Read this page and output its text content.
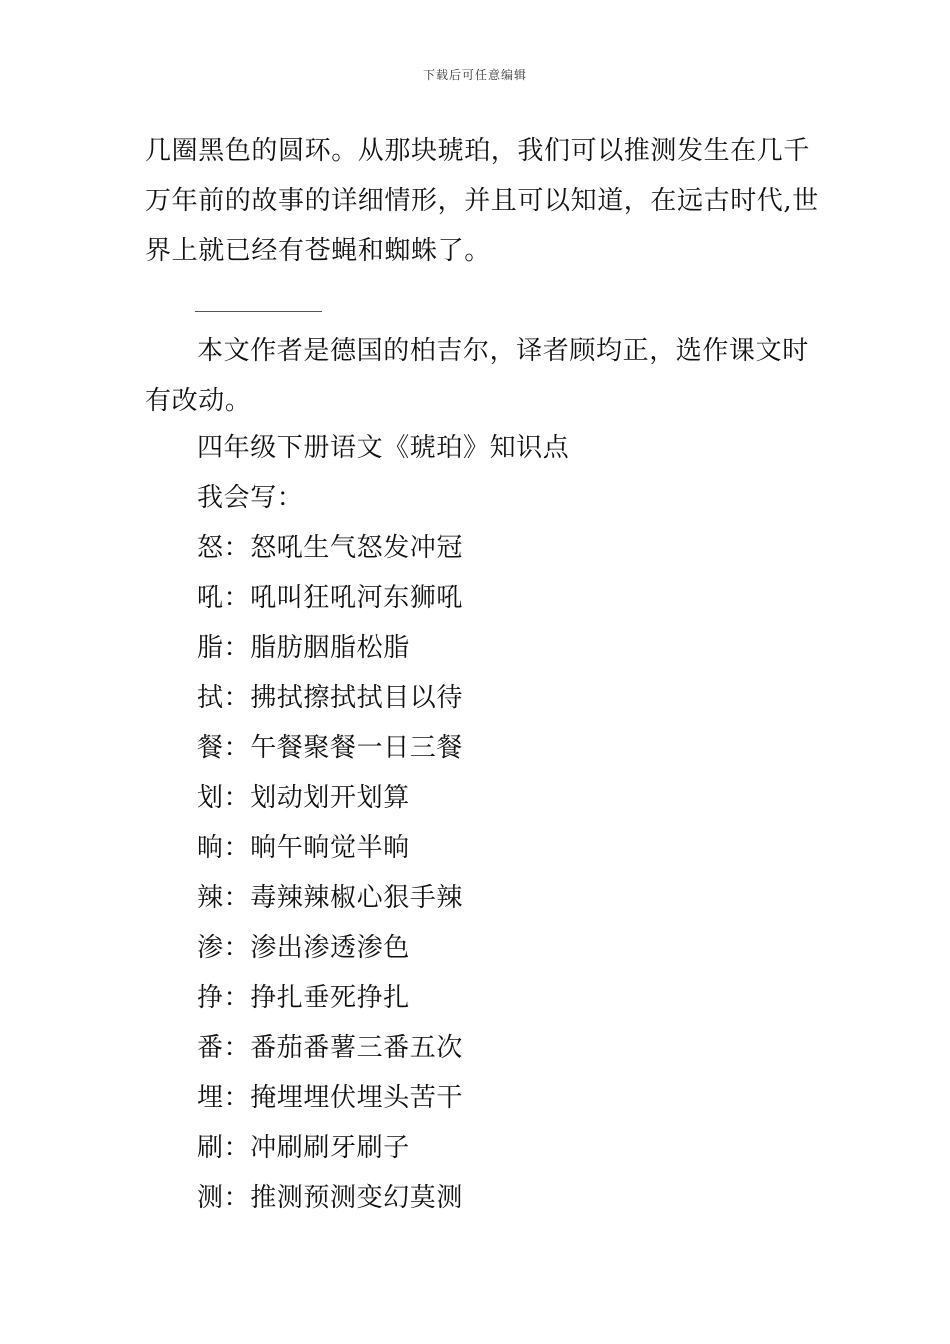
下载后可任意编辑
几圈黑色的圆环。从那块琥珀，我们可以推测发生在几千
万年前的故事的详细情形，并且可以知道，在远古时代,世
界上就已经有苍蝇和蜘蛛了。
本文作者是德国的柏吉尔，译者顾均正，选作课文时
有改动。
四年级下册语文《琥珀》知识点
我会写：
怒：怒吼生气怒发冲冠
吼：吼叫狂吼河东狮吼
脂：脂肪胭脂松脂
拭：拂拭擦拭拭目以待
餐：午餐聚餐一日三餐
划：划动划开划算
晌：晌午晌觉半晌
辣：毒辣辣椒心狠手辣
渗：渗出渗透渗色
挣：挣扎垂死挣扎
番：番茄番薯三番五次
埋：掩埋埋伏埋头苦干
刷：冲刷刷牙刷子
测：推测预测变幻莫测
